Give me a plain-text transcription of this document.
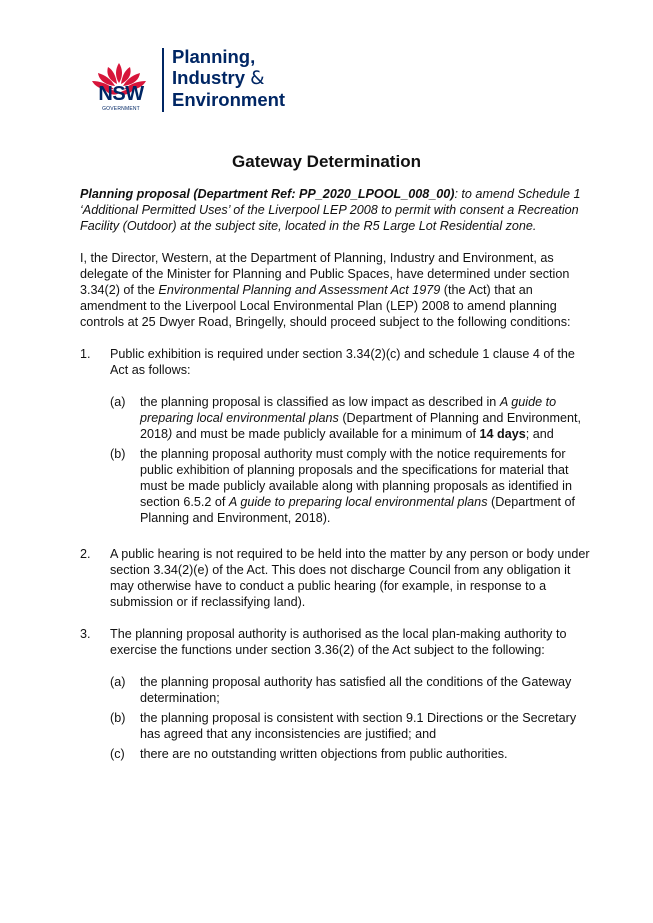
NSW
GOVERNMENT
Planning,
Industry &
Environment
Gateway Determination

Planning proposal (Department Ref: PP_2020_LPOOL_008_00): to amend Schedule 1 ‘Additional Permitted Uses’ of the Liverpool LEP 2008 to permit with consent a Recreation Facility (Outdoor) at the subject site, located in the R5 Large Lot Residential zone.

I, the Director, Western, at the Department of Planning, Industry and Environment, as delegate of the Minister for Planning and Public Spaces, have determined under section 3.34(2) of the Environmental Planning and Assessment Act 1979 (the Act) that an amendment to the Liverpool Local Environmental Plan (LEP) 2008 to amend planning controls at 25 Dwyer Road, Bringelly, should proceed subject to the following conditions:

1.	Public exhibition is required under section 3.34(2)(c) and schedule 1 clause 4 of the Act as follows:
(a)	the planning proposal is classified as low impact as described in A guide to preparing local environmental plans (Department of Planning and Environment, 2018) and must be made publicly available for a minimum of 14 days; and
(b)	the planning proposal authority must comply with the notice requirements for public exhibition of planning proposals and the specifications for material that must be made publicly available along with planning proposals as identified in section 6.5.2 of A guide to preparing local environmental plans (Department of Planning and Environment, 2018).
2.	A public hearing is not required to be held into the matter by any person or body under section 3.34(2)(e) of the Act. This does not discharge Council from any obligation it may otherwise have to conduct a public hearing (for example, in response to a submission or if reclassifying land).
3.	The planning proposal authority is authorised as the local plan-making authority to exercise the functions under section 3.36(2) of the Act subject to the following:
(a)	the planning proposal authority has satisfied all the conditions of the Gateway determination;
(b)	the planning proposal is consistent with section 9.1 Directions or the Secretary has agreed that any inconsistencies are justified; and
(c)	there are no outstanding written objections from public authorities.
